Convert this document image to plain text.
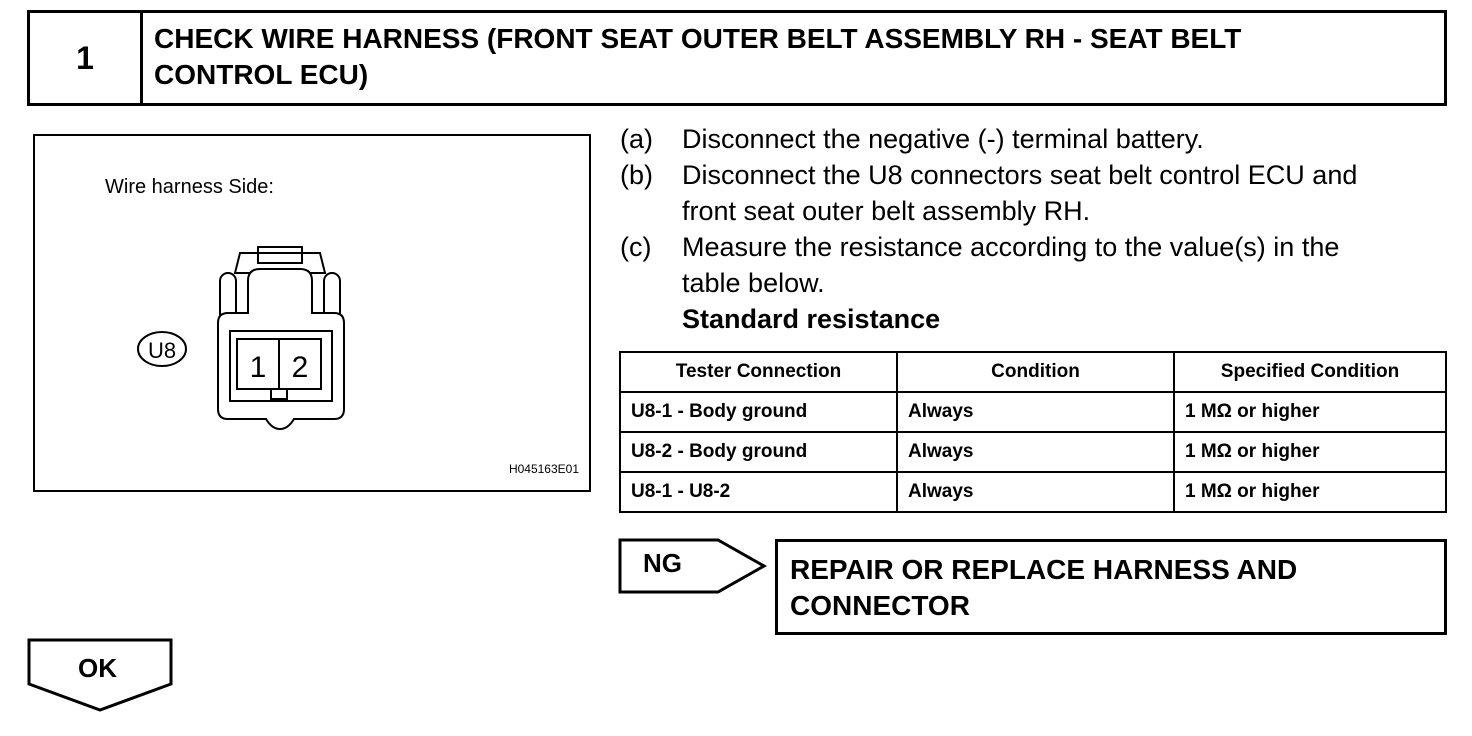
1
CHECK WIRE HARNESS (FRONT SEAT OUTER BELT ASSEMBLY RH - SEAT BELT
CONTROL ECU)
Wire harness Side:
U8
1 2
H045163E01
(a)	Disconnect the negative (-) terminal battery.
(b)	Disconnect the U8 connectors seat belt control ECU and
front seat outer belt assembly RH.
(c)	Measure the resistance according to the value(s) in the
table below.
Standard resistance
Tester Connection	Condition	Specified Condition
U8-1 - Body ground	Always	1 MΩ or higher
U8-2 - Body ground	Always	1 MΩ or higher
U8-1 - U8-2	Always	1 MΩ or higher
NG	REPAIR OR REPLACE HARNESS AND
CONNECTOR
OK
